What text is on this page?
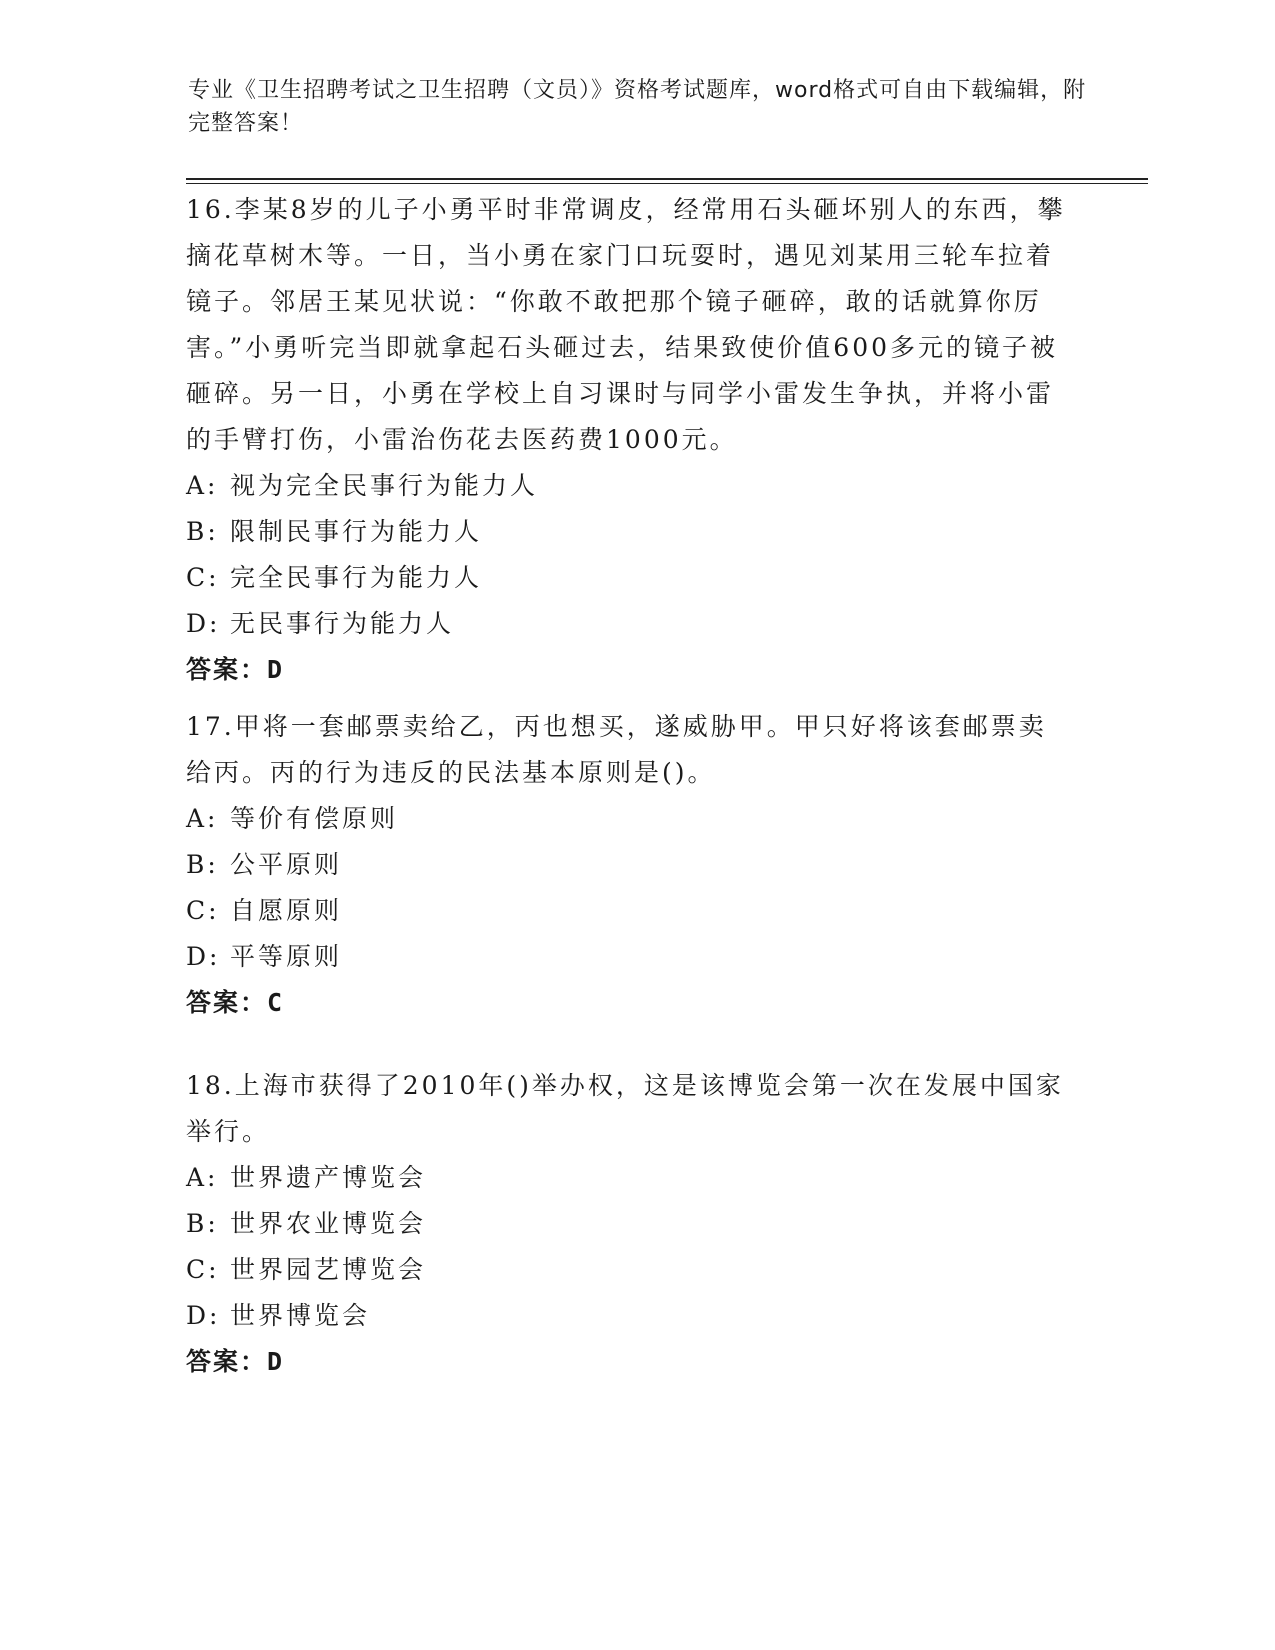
专业《卫生招聘考试之卫生招聘（文员）》资格考试题库，word格式可自由下载编辑，附完整答案！

16.李某8岁的儿子小勇平时非常调皮，经常用石头砸坏别人的东西，攀摘花草树木等。一日，当小勇在家门口玩耍时，遇见刘某用三轮车拉着镜子。邻居王某见状说：“你敢不敢把那个镜子砸碎，敢的话就算你厉害。”小勇听完当即就拿起石头砸过去，结果致使价值600多元的镜子被砸碎。另一日，小勇在学校上自习课时与同学小雷发生争执，并将小雷的手臂打伤，小雷治伤花去医药费1000元。

A: 视为完全民事行为能力人

B: 限制民事行为能力人

C: 完全民事行为能力人

D: 无民事行为能力人

答案：D

17.甲将一套邮票卖给乙，丙也想买，遂威胁甲。甲只好将该套邮票卖给丙。丙的行为违反的民法基本原则是()。

A: 等价有偿原则

B: 公平原则

C: 自愿原则

D: 平等原则

答案：C

18.上海市获得了2010年()举办权，这是该博览会第一次在发展中国家举行。

A: 世界遗产博览会

B: 世界农业博览会

C: 世界园艺博览会

D: 世界博览会

答案：D
